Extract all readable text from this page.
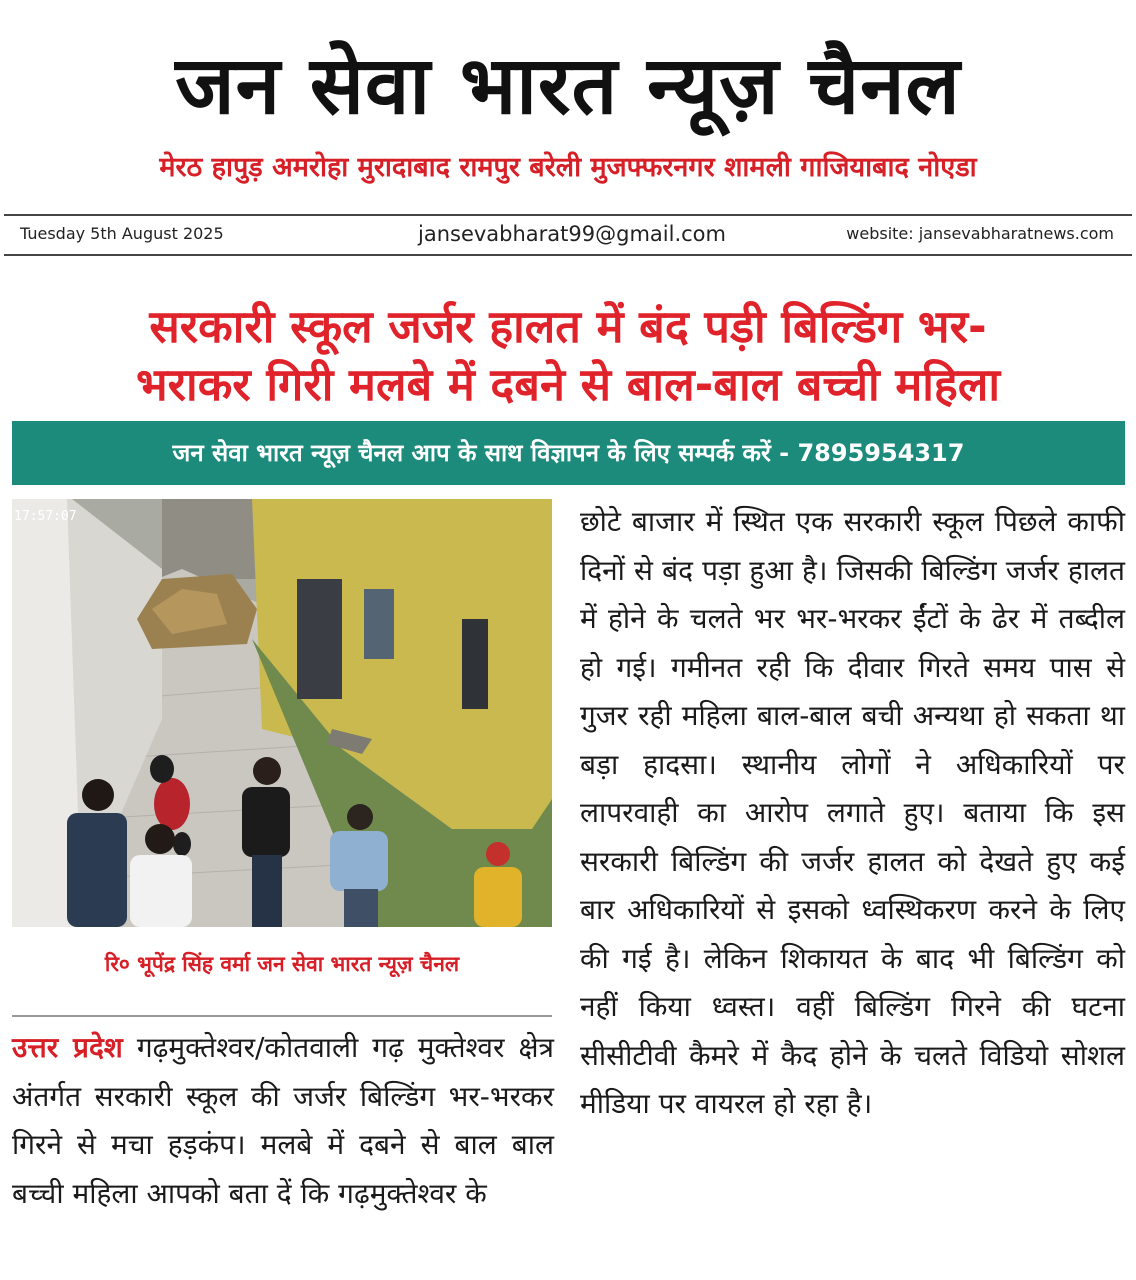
जन सेवा भारत न्यूज़ चैनल
मेरठ हापुड़ अमरोहा मुरादाबाद रामपुर बरेली मुजफ्फरनगर शामली गाजियाबाद नोएडा
Tuesday 5th August 2025	jansevabharat99@gmail.com	website: jansevabharatnews.com
सरकारी स्कूल जर्जर हालत में बंद पड़ी बिल्डिंग भर-
भराकर गिरी मलबे में दबने से बाल-बाल बच्ची महिला
जन सेवा भारत न्यूज़ चैनल आप के साथ विज्ञापन के लिए सम्पर्क करें - 7895954317
17:57:07
रि० भूपेंद्र सिंह वर्मा जन सेवा भारत न्यूज़ चैनल
उत्तर प्रदेश गढ़मुक्तेश्वर/कोतवाली गढ़ मुक्तेश्वर क्षेत्र अंतर्गत सरकारी स्कूल की जर्जर बिल्डिंग भर-भरकर गिरने से मचा हड़कंप। मलबे में दबने से बाल बाल बच्ची महिला आपको बता दें कि गढ़मुक्तेश्वर के
छोटे बाजार में स्थित एक सरकारी स्कूल पिछले काफी दिनों से बंद पड़ा हुआ है। जिसकी बिल्डिंग जर्जर हालत में होने के चलते भर भर-भरकर ईंटों के ढेर में तब्दील हो गई। गमीनत रही कि दीवार गिरते समय पास से गुजर रही महिला बाल-बाल बची अन्यथा हो सकता था बड़ा हादसा। स्थानीय लोगों ने अधिकारियों पर लापरवाही का आरोप लगाते हुए। बताया कि इस सरकारी बिल्डिंग की जर्जर हालत को देखते हुए कई बार अधिकारियों से इसको ध्वस्थिकरण करने के लिए की गई है। लेकिन शिकायत के बाद भी बिल्डिंग को नहीं किया ध्वस्त। वहीं बिल्डिंग गिरने की घटना सीसीटीवी कैमरे में कैद होने के चलते विडियो सोशल मीडिया पर वायरल हो रहा है।
